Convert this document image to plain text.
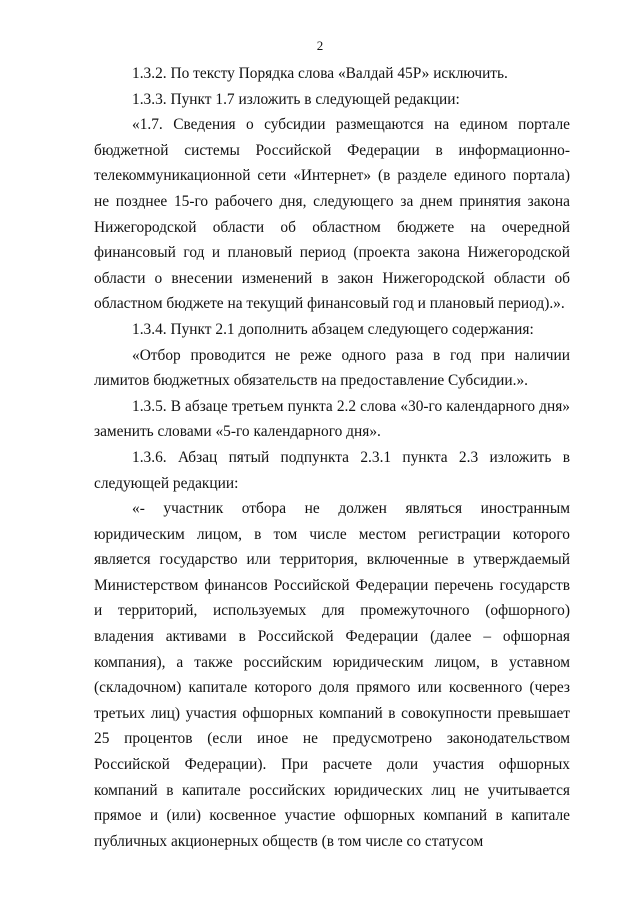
2

1.3.2. По тексту Порядка слова «Валдай 45Р» исключить.

1.3.3. Пункт 1.7 изложить в следующей редакции:

«1.7. Сведения о субсидии размещаются на едином портале бюджетной системы Российской Федерации в информационно-телекоммуникационной сети «Интернет» (в разделе единого портала) не позднее 15-го рабочего дня, следующего за днем принятия закона Нижегородской области об областном бюджете на очередной финансовый год и плановый период (проекта закона Нижегородской области о внесении изменений в закон Нижегородской области об областном бюджете на текущий финансовый год и плановый период).».

1.3.4. Пункт 2.1 дополнить абзацем следующего содержания:

«Отбор проводится не реже одного раза в год при наличии лимитов бюджетных обязательств на предоставление Субсидии.».

1.3.5. В абзаце третьем пункта 2.2 слова «30-го календарного дня» заменить словами «5-го календарного дня».

1.3.6. Абзац пятый подпункта 2.3.1 пункта 2.3 изложить в следующей редакции:

«- участник отбора не должен являться иностранным юридическим лицом, в том числе местом регистрации которого является государство или территория, включенные в утверждаемый Министерством финансов Российской Федерации перечень государств и территорий, используемых для промежуточного (офшорного) владения активами в Российской Федерации (далее – офшорная компания), а также российским юридическим лицом, в уставном (складочном) капитале которого доля прямого или косвенного (через третьих лиц) участия офшорных компаний в совокупности превышает 25 процентов (если иное не предусмотрено законодательством Российской Федерации). При расчете доли участия офшорных компаний в капитале российских юридических лиц не учитывается прямое и (или) косвенное участие офшорных компаний в капитале публичных акционерных обществ (в том числе со статусом
